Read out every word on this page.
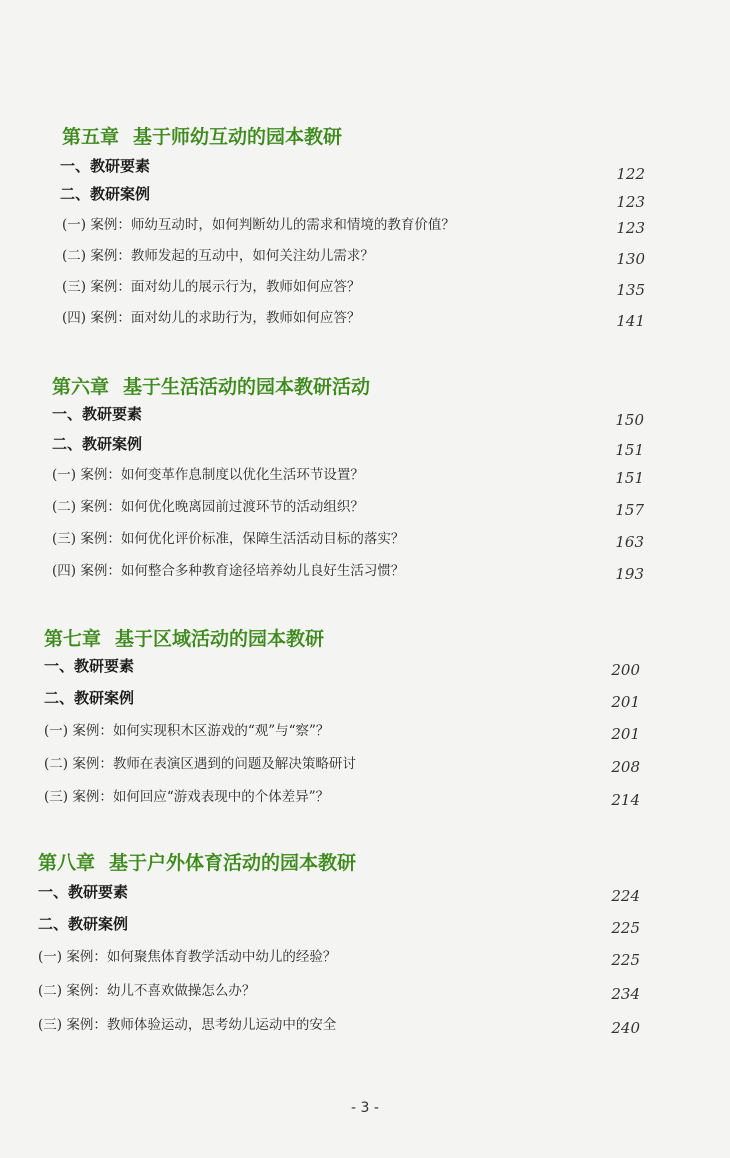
第五章 基于师幼互动的园本教研
一、教研要素	122
二、教研案例	123
(一) 案例：师幼互动时，如何判断幼儿的需求和情境的教育价值？	123
(二) 案例：教师发起的互动中，如何关注幼儿需求？	130
(三) 案例：面对幼儿的展示行为，教师如何应答？	135
(四) 案例：面对幼儿的求助行为，教师如何应答？	141
第六章 基于生活活动的园本教研活动
一、教研要素	150
二、教研案例	151
(一) 案例：如何变革作息制度以优化生活环节设置？	151
(二) 案例：如何优化晚离园前过渡环节的活动组织？	157
(三) 案例：如何优化评价标准，保障生活活动目标的落实？	163
(四) 案例：如何整合多种教育途径培养幼儿良好生活习惯？	193
第七章 基于区域活动的园本教研
一、教研要素	200
二、教研案例	201
(一) 案例：如何实现积木区游戏的“观”与“察”？	201
(二) 案例：教师在表演区遇到的问题及解决策略研讨	208
(三) 案例：如何回应“游戏表现中的个体差异”？	214
第八章 基于户外体育活动的园本教研
一、教研要素	224
二、教研案例	225
(一) 案例：如何聚焦体育教学活动中幼儿的经验？	225
(二) 案例：幼儿不喜欢做操怎么办？	234
(三) 案例：教师体验运动，思考幼儿运动中的安全	240
- 3 -
